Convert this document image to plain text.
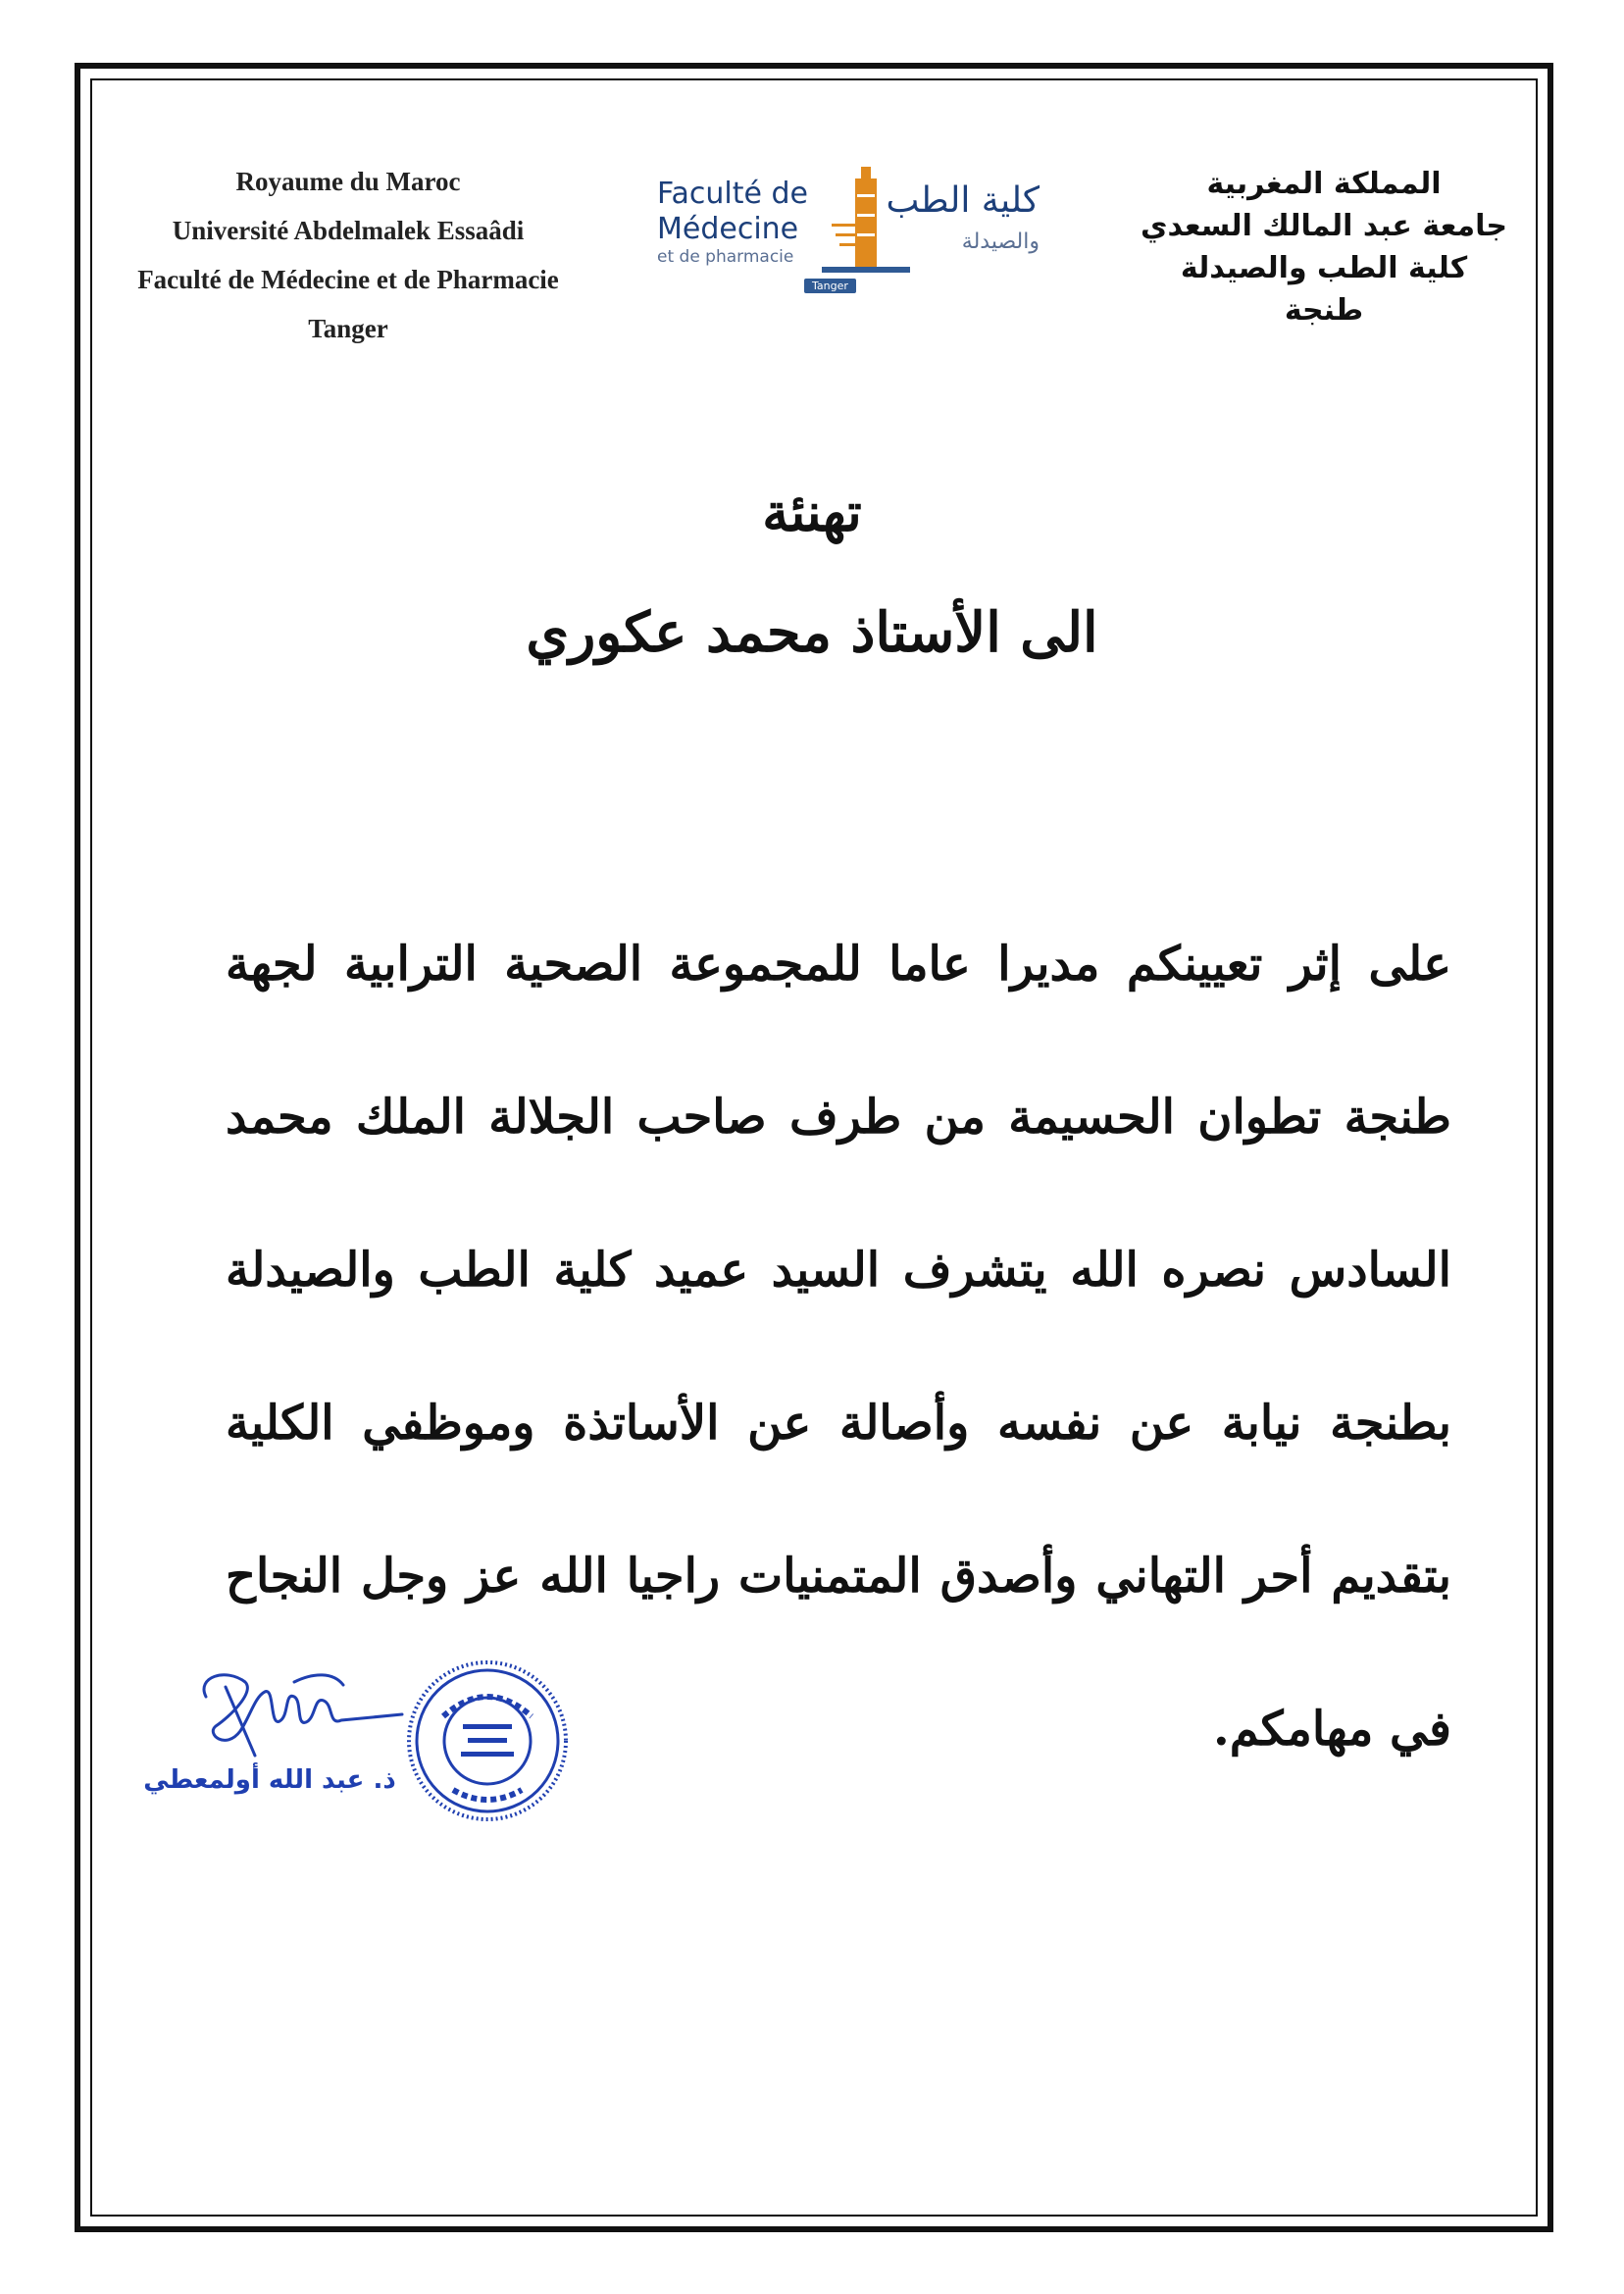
Royaume du Maroc
Université Abdelmalek Essaâdi
Faculté de Médecine et de Pharmacie
Tanger
Faculté de
Médecine
et de pharmacie
كلية الطب
والصيدلة
Tanger
المملكة المغربية
جامعة عبد المالك السعدي
كلية الطب والصيدلة
طنجة
تهنئة
الى الأستاذ محمد عكوري
على إثر تعيينكم مديرا عاما للمجموعة الصحية الترابية لجهة طنجة تطوان الحسيمة من طرف صاحب الجلالة الملك محمد السادس نصره الله يتشرف السيد عميد كلية الطب والصيدلة بطنجة نيابة عن نفسه وأصالة عن الأساتذة وموظفي الكلية بتقديم أحر التهاني وأصدق المتمنيات راجيا الله عز وجل النجاح في مهامكم.
ذ. عبد الله أولمعطي
